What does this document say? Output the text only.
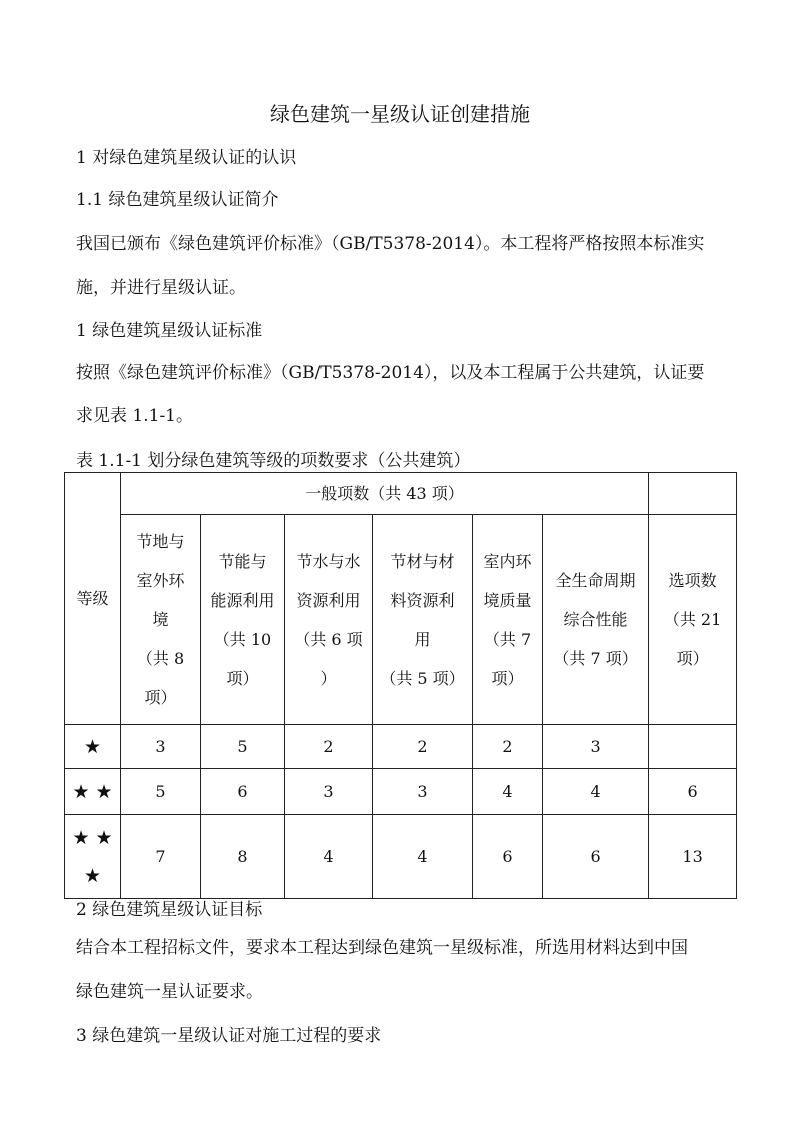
绿色建筑一星级认证创建措施
1 对绿色建筑星级认证的认识
1.1 绿色建筑星级认证简介
我国已颁布《绿色建筑评价标准》（GB/T5378-2014）。本工程将严格按照本标准实
施，并进行星级认证。
1 绿色建筑星级认证标准
按照《绿色建筑评价标准》（GB/T5378-2014），以及本工程属于公共建筑，认证要
求见表 1.1-1。
表 1.1-1 划分绿色建筑等级的项数要求（公共建筑）
等级	一般项数（共 43 项）						

	节地与
室外环
境
（共 8
项）	节能与
能源利用
（共 10
项）	节水与水
资源利用
（共 6 项
）	节材与材
料资源利
用
（共 5 项）	室内环
境质量
（共 7
项）	全生命周期
综合性能
（共 7 项）	选项数
（共 21
项）

★	3	5	2	2	2	3	
★ ★	5	6	3	3	4	4	6

★ ★
★	7	8	4	4	6	6	13
2 绿色建筑星级认证目标
结合本工程招标文件，要求本工程达到绿色建筑一星级标准，所选用材料达到中国
绿色建筑一星认证要求。
3 绿色建筑一星级认证对施工过程的要求
